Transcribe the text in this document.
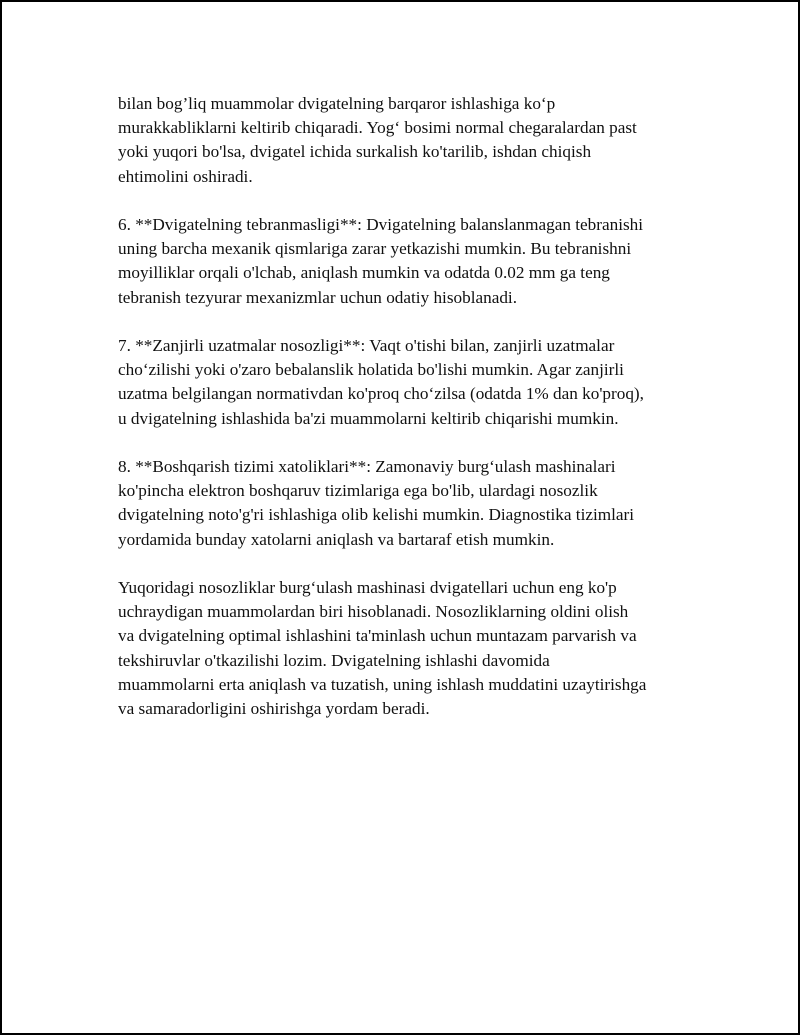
bilan bog’liq muammolar dvigatelning barqaror ishlashiga ko‘p
murakkabliklarni keltirib chiqaradi. Yog‘ bosimi normal chegaralardan past
yoki yuqori bo'lsa, dvigatel ichida surkalish ko'tarilib, ishdan chiqish
ehtimolini oshiradi.

6. **Dvigatelning tebranmasligi**: Dvigatelning balanslanmagan tebranishi
uning barcha mexanik qismlariga zarar yetkazishi mumkin. Bu tebranishni
moyilliklar orqali o'lchab, aniqlash mumkin va odatda 0.02 mm ga teng
tebranish tezyurar mexanizmlar uchun odatiy hisoblanadi.

7. **Zanjirli uzatmalar nosozligi**: Vaqt o'tishi bilan, zanjirli uzatmalar
cho‘zilishi yoki o'zaro bebalanslik holatida bo'lishi mumkin. Agar zanjirli
uzatma belgilangan normativdan ko'proq cho‘zilsa (odatda 1% dan ko'proq),
u dvigatelning ishlashida ba'zi muammolarni keltirib chiqarishi mumkin.

8. **Boshqarish tizimi xatoliklari**: Zamonaviy burg‘ulash mashinalari
ko'pincha elektron boshqaruv tizimlariga ega bo'lib, ulardagi nosozlik
dvigatelning noto'g'ri ishlashiga olib kelishi mumkin. Diagnostika tizimlari
yordamida bunday xatolarni aniqlash va bartaraf etish mumkin.

Yuqoridagi nosozliklar burg‘ulash mashinasi dvigatellari uchun eng ko'p
uchraydigan muammolardan biri hisoblanadi. Nosozliklarning oldini olish
va dvigatelning optimal ishlashini ta'minlash uchun muntazam parvarish va
tekshiruvlar o'tkazilishi lozim. Dvigatelning ishlashi davomida
muammolarni erta aniqlash va tuzatish, uning ishlash muddatini uzaytirishga
va samaradorligini oshirishga yordam beradi.
